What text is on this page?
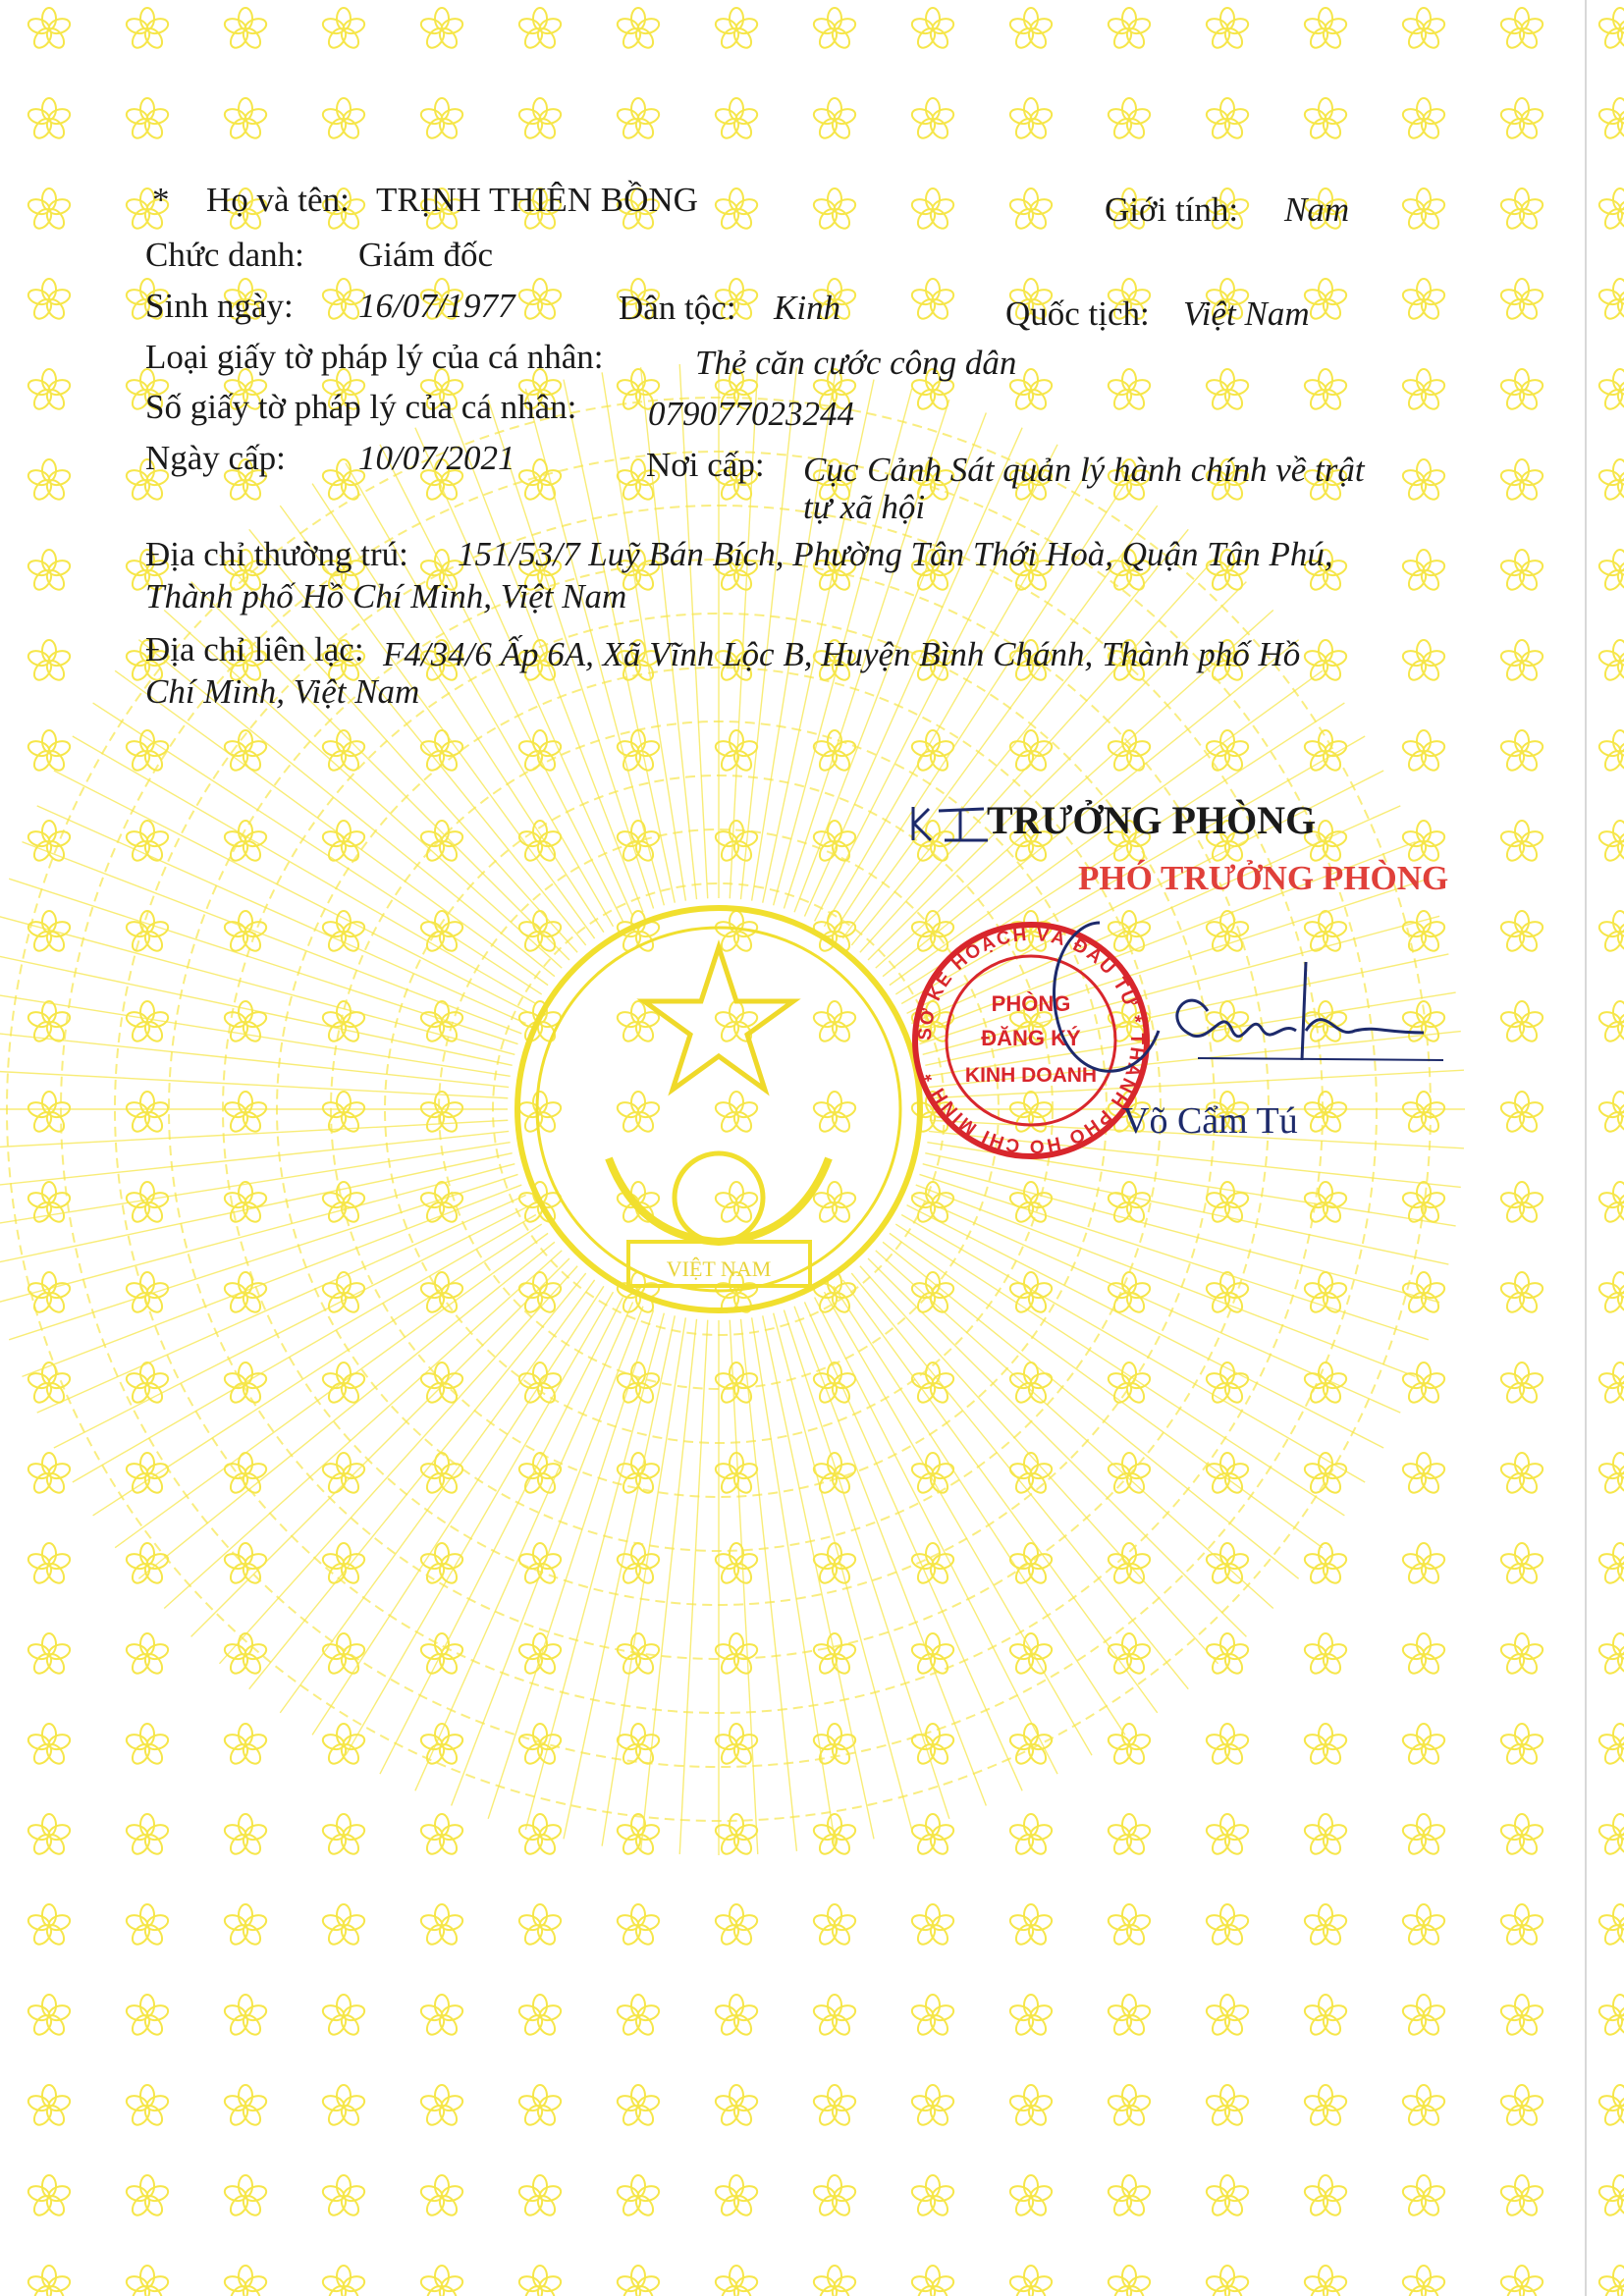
VIỆT NAM
* Họ và tên: TRỊNH THIÊN BỒNG	Giới tính: Nam
Chức danh: Giám đốc
Sinh ngày: 16/07/1977	Dân tộc: Kinh	Quốc tịch: Việt Nam
Loại giấy tờ pháp lý của cá nhân:	Thẻ căn cước công dân
Số giấy tờ pháp lý của cá nhân: 079077023244
Ngày cấp: 10/07/2021	Nơi cấp: Cục Cảnh Sát quản lý hành chính về trật
tự xã hội
Địa chỉ thường trú: 151/53/7 Luỹ Bán Bích, Phường Tân Thới Hoà, Quận Tân Phú,
Thành phố Hồ Chí Minh, Việt Nam
Địa chỉ liên lạc: F4/34/6 Ấp 6A, Xã Vĩnh Lộc B, Huyện Bình Chánh, Thành phố Hồ
Chí Minh, Việt Nam
TRƯỞNG PHÒNG
PHÓ TRƯỞNG PHÒNG
SỞ KẾ HOẠCH VÀ ĐẦU TƯ * THÀNH PHỐ HỒ CHÍ MINH *
PHÒNG
ĐĂNG KÝ
KINH DOANH
Võ Cẩm Tú
